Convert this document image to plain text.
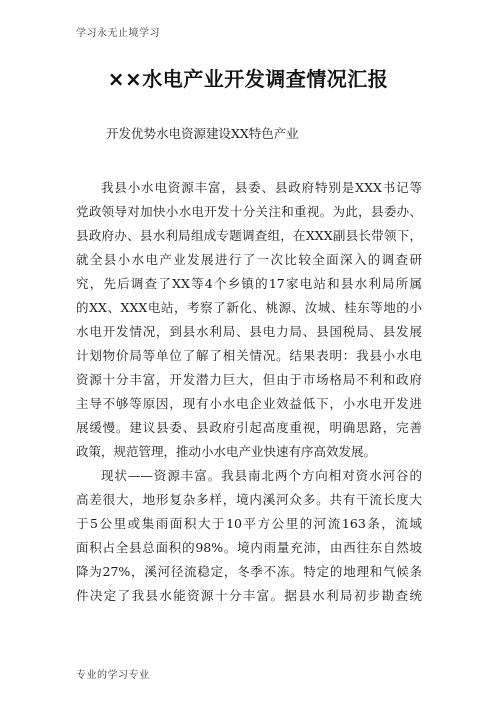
学习永无止境学习
××水电产业开发调查情况汇报
开发优势水电资源建设XX特色产业
我县小水电资源丰富，县委、县政府特别是XXX书记等
党政领导对加快小水电开发十分关注和重视。为此，县委办、
县政府办、县水利局组成专题调查组，在XXX副县长带领下，
就全县小水电产业发展进行了一次比较全面深入的调查研
究，先后调查了XX等4个乡镇的17家电站和县水利局所属
的XX、XXX电站，考察了新化、桃源、汝城、桂东等地的小
水电开发情况，到县水利局、县电力局、县国税局、县发展
计划物价局等单位了解了相关情况。结果表明：我县小水电
资源十分丰富，开发潜力巨大，但由于市场格局不利和政府
主导不够等原因，现有小水电企业效益低下，小水电开发进
展缓慢。建议县委、县政府引起高度重视，明确思路，完善
政策，规范管理，推动小水电产业快速有序高效发展。
现状——资源丰富。我县南北两个方向相对资水河谷的
高差很大，地形复杂多样，境内溪河众多。共有干流长度大
于5公里或集雨面积大于10平方公里的河流163条，流域
面积占全县总面积的98%。境内雨量充沛，由西往东自然坡
降为27%，溪河径流稳定，冬季不冻。特定的地理和气候条
件决定了我县水能资源十分丰富。据县水利局初步勘查统
专业的学习专业
